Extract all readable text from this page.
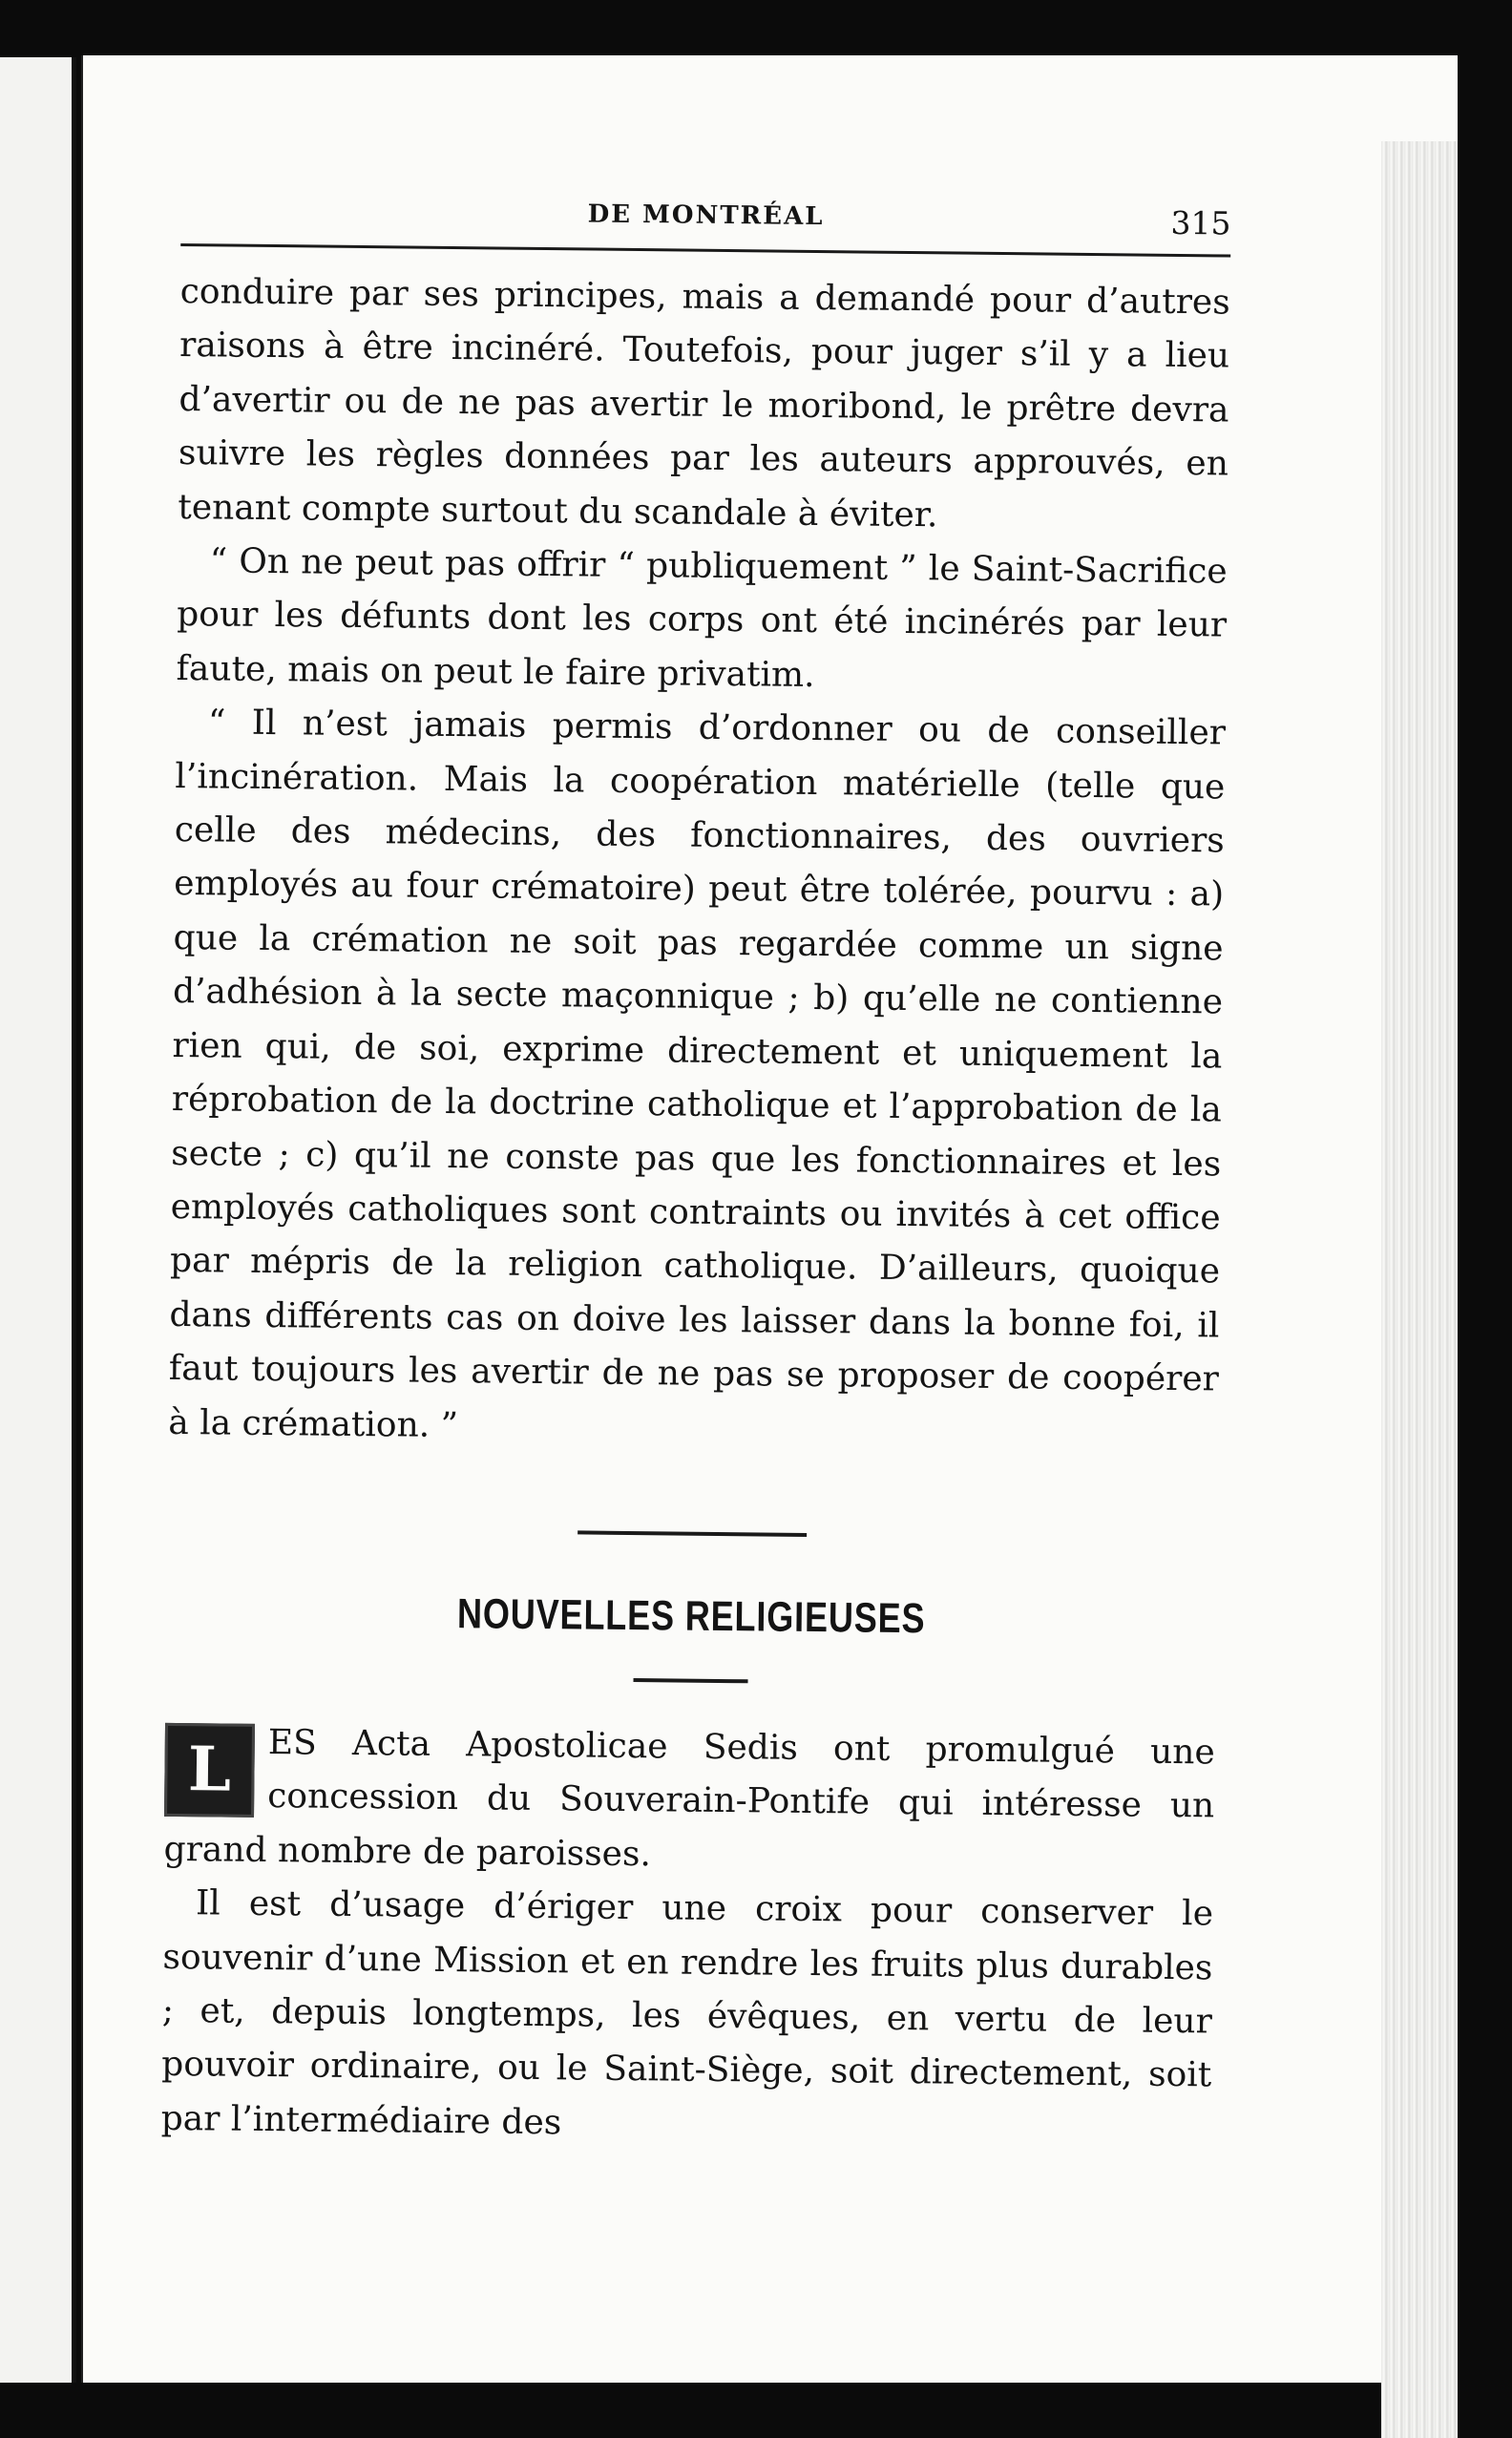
DE MONTRÉAL	315

conduire par ses principes, mais a demandé pour d’autres raisons à être incinéré. Toutefois, pour juger s’il y a lieu d’avertir ou de ne pas avertir le moribond, le prêtre devra suivre les règles données par les auteurs approuvés, en tenant compte surtout du scandale à éviter.

“ On ne peut pas offrir “ publiquement ” le Saint-Sacrifice pour les défunts dont les corps ont été incinérés par leur faute, mais on peut le faire privatim.

“ Il n’est jamais permis d’ordonner ou de conseiller l’incinération. Mais la coopération matérielle (telle que celle des médecins, des fonctionnaires, des ouvriers employés au four crématoire) peut être tolérée, pourvu : a) que la crémation ne soit pas regardée comme un signe d’adhésion à la secte maçonnique ; b) qu’elle ne contienne rien qui, de soi, exprime directement et uniquement la réprobation de la doctrine catholique et l’approbation de la secte ; c) qu’il ne conste pas que les fonctionnaires et les employés catholiques sont contraints ou invités à cet office par mépris de la religion catholique. D’ailleurs, quoique dans différents cas on doive les laisser dans la bonne foi, il faut toujours les avertir de ne pas se proposer de coopérer à la crémation. ”

NOUVELLES RELIGIEUSES

L	ES Acta Apostolicae Sedis ont promulgué une concession du Souverain-Pontife qui intéresse un grand nombre de paroisses.

Il est d’usage d’ériger une croix pour conserver le souvenir d’une Mission et en rendre les fruits plus durables ; et, depuis longtemps, les évêques, en vertu de leur pouvoir ordinaire, ou le Saint-Siège, soit directement, soit par l’intermédiaire des
